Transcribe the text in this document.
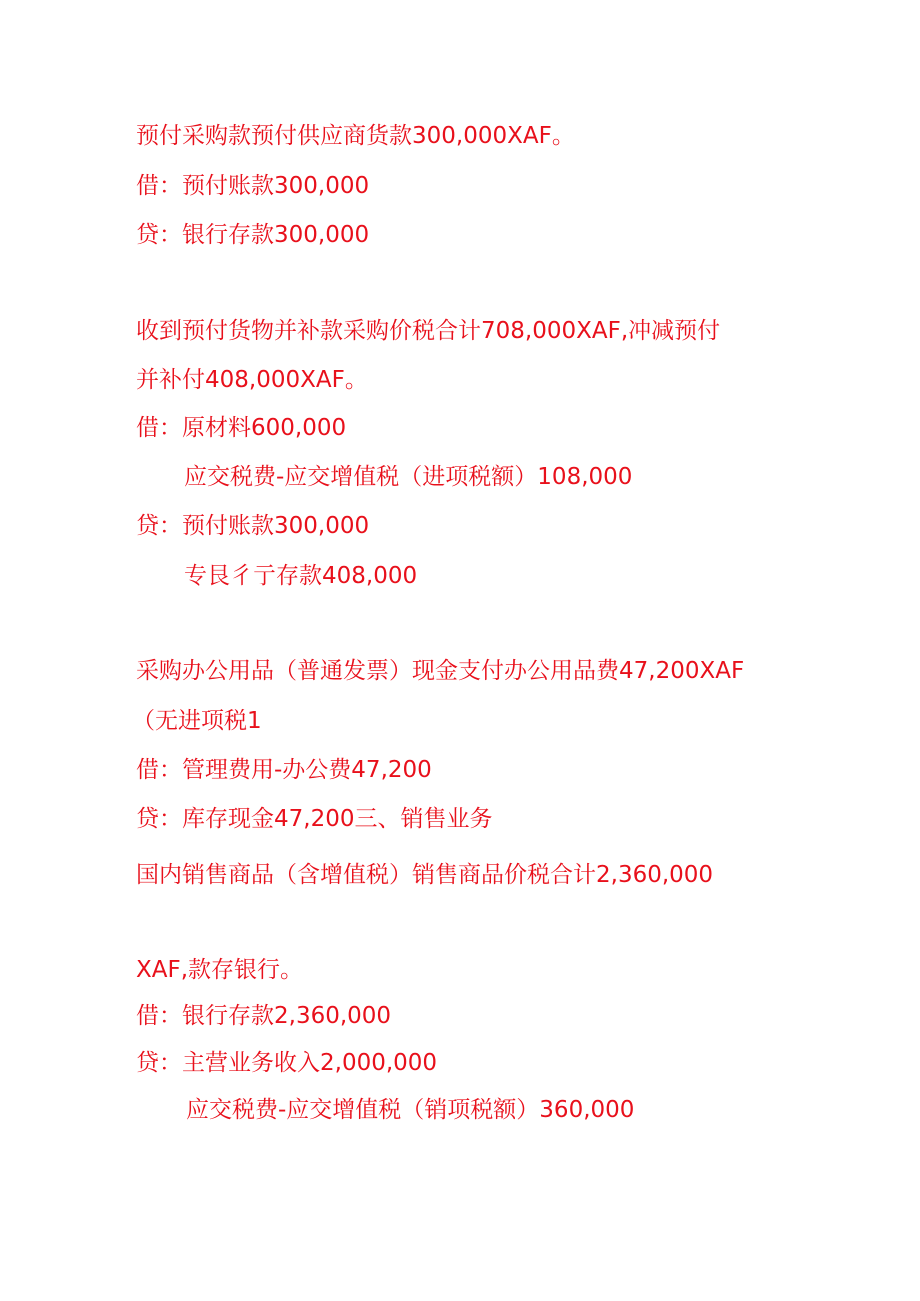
预付采购款预付供应商货款300,000XAF。

借：预付账款300,000

贷：银行存款300,000

收到预付货物并补款采购价税合计708,000XAF,冲减预付

并补付408,000XAF。

借：原材料600,000

应交税费-应交增值税（进项税额）108,000

贷：预付账款300,000

专艮彳亍存款408,000

采购办公用品（普通发票）现金支付办公用品费47,200XAF

（无进项税1

借：管理费用-办公费47,200

贷：库存现金47,200三、销售业务

国内销售商品（含增值税）销售商品价税合计2,360,000

XAF,款存银行。

借：银行存款2,360,000

贷：主营业务收入2,000,000

应交税费-应交增值税（销项税额）360,000
